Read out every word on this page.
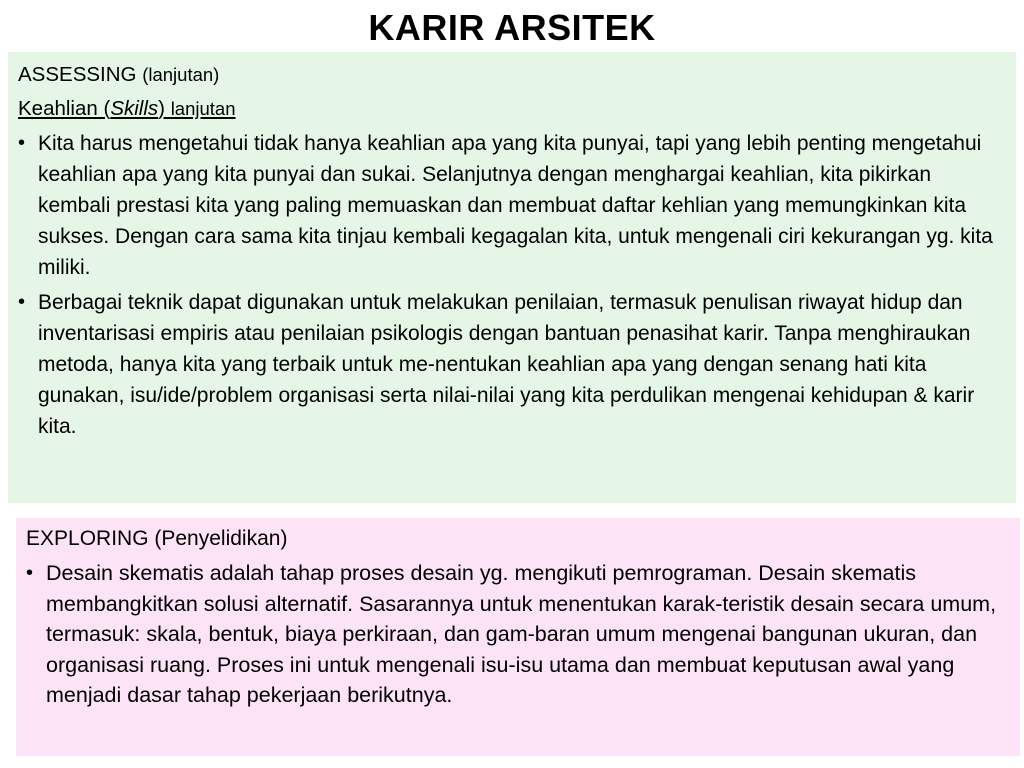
KARIR ARSITEK

ASSESSING (lanjutan)

Keahlian (Skills) lanjutan
• Kita harus mengetahui tidak hanya keahlian apa yang kita punyai, tapi yang lebih penting mengetahui keahlian apa yang kita punyai dan sukai. Selanjutnya dengan menghargai keahlian, kita pikirkan kembali prestasi kita yang paling memuaskan dan membuat daftar kehlian yang memungkinkan kita sukses. Dengan cara sama kita tinjau kembali kegagalan kita, untuk mengenali ciri kekurangan yg. kita miliki.
• Berbagai teknik dapat digunakan untuk melakukan penilaian, termasuk penulisan riwayat hidup dan inventarisasi empiris atau penilaian psikologis dengan bantuan penasihat karir. Tanpa menghiraukan metoda, hanya kita yang terbaik untuk me-nentukan keahlian apa yang dengan senang hati kita gunakan, isu/ide/problem organisasi serta nilai-nilai yang kita perdulikan mengenai kehidupan & karir kita.

EXPLORING (Penyelidikan)

• Desain skematis adalah tahap proses desain yg. mengikuti pemrograman. Desain skematis membangkitkan solusi alternatif. Sasarannya untuk menentukan karak-teristik desain secara umum, termasuk: skala, bentuk, biaya perkiraan, dan gam-baran umum mengenai bangunan ukuran, dan organisasi ruang. Proses ini untuk mengenali isu-isu utama dan membuat keputusan awal yang menjadi dasar tahap pekerjaan berikutnya.
